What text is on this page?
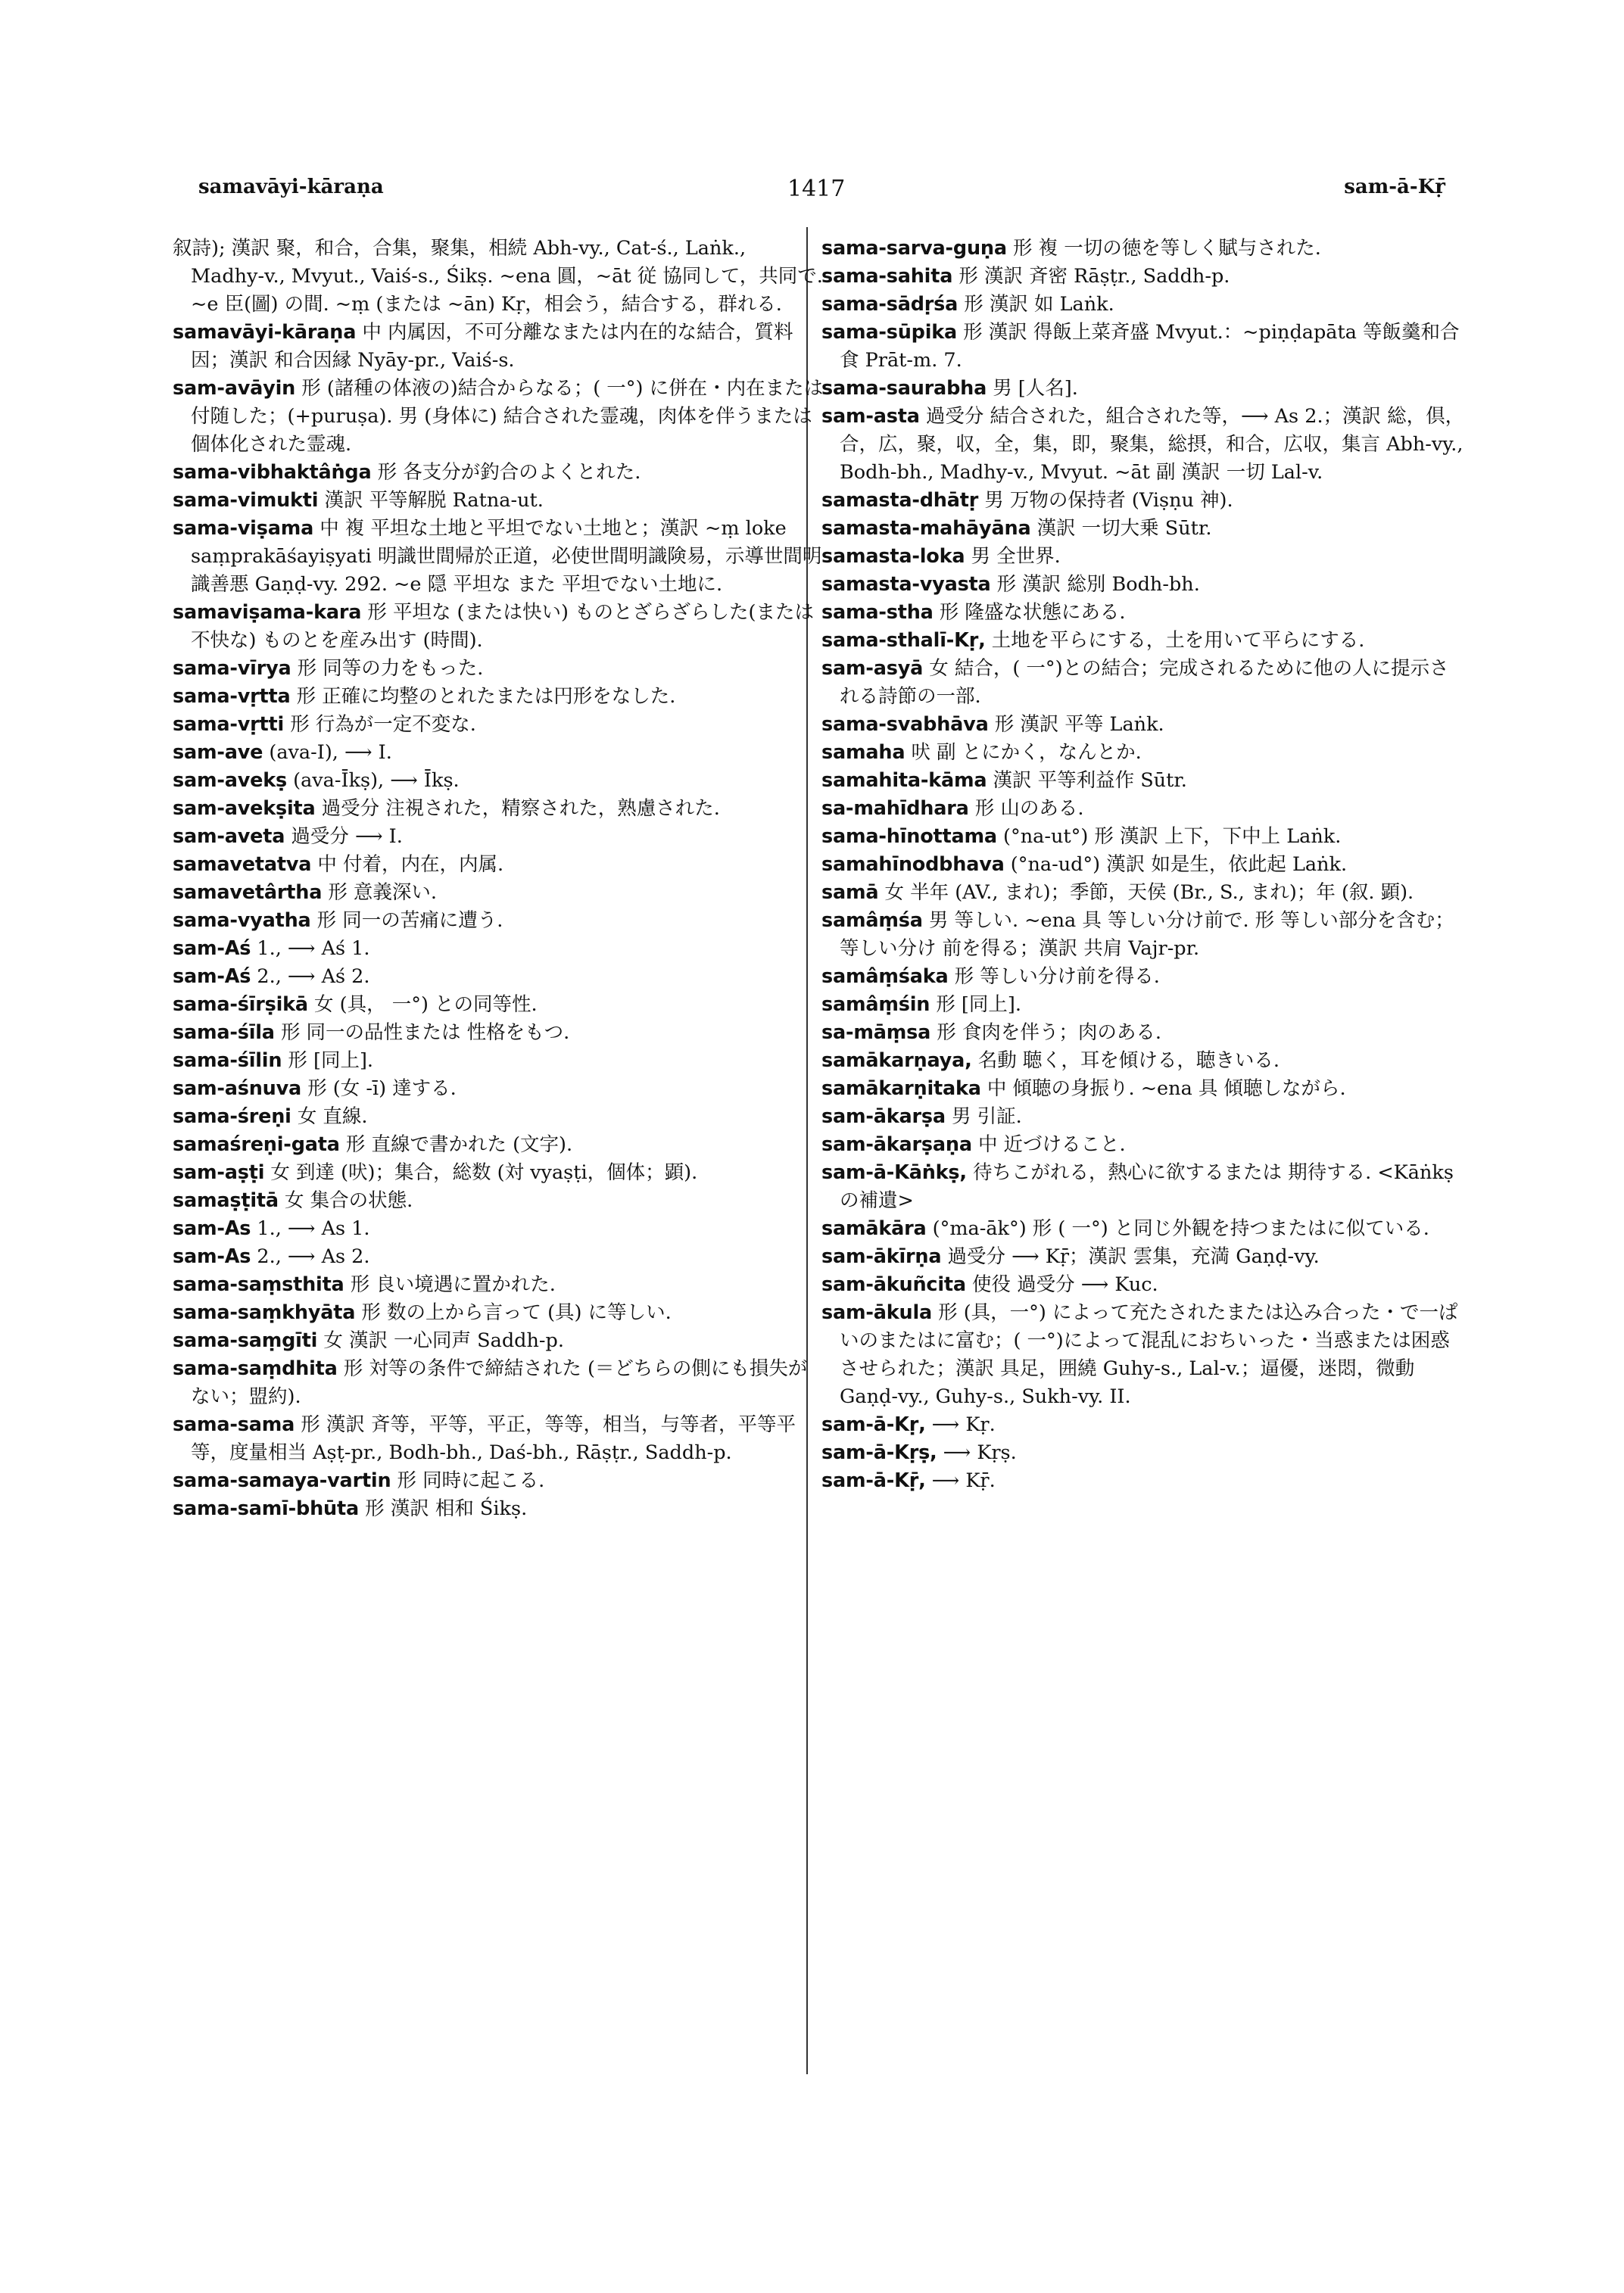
samavāyi-kāraṇa	1417	sam-ā-Kṝ
叙詩); 漢訳 聚，和合，合集，聚集，相続 Abh-vy., Cat-ś., Laṅk., Madhy-v., Mvyut., Vaiś-s., Śikṣ. ~ena 圓，~āt 従 協同して，共同で. ~e 臣(圖) の間. ~ṃ (または ~ān) Kṛ，相会う，結合する，群れる.
samavāyi-kāraṇa 中 内属因，不可分離なまたは内在的な結合，質料因；漢訳 和合因縁 Nyāy-pr., Vaiś-s.
sam-avāyin 形 (諸種の体液の)結合からなる；( 一°) に併在・内在または付随した；(+puruṣa). 男 (身体に) 結合された霊魂，肉体を伴うまたは個体化された霊魂.
sama-vibhaktâṅga 形 各支分が釣合のよくとれた.
sama-vimukti 漢訳 平等解脱 Ratna-ut.
sama-viṣama 中 複 平坦な土地と平坦でない土地と；漢訳 ~ṃ loke saṃprakāśayiṣyati 明識世間帰於正道，必使世間明識険易，示導世間明識善悪 Gaṇḍ-vy. 292. ~e 隠 平坦な また 平坦でない土地に.
samaviṣama-kara 形 平坦な (または快い) ものとざらざらした(または不快な) ものとを産み出す (時間).
sama-vīrya 形 同等の力をもった.
sama-vṛtta 形 正確に均整のとれたまたは円形をなした.
sama-vṛtti 形 行為が一定不変な.
sam-ave (ava-I), ⟶ I.
sam-avekṣ (ava-Īkṣ), ⟶ Īkṣ.
sam-avekṣita 過受分 注視された，精察された，熟慮された.
sam-aveta 過受分 ⟶ I.
samavetatva 中 付着，内在，内属.
samavetârtha 形 意義深い.
sama-vyatha 形 同一の苦痛に遭う.
sam-Aś 1., ⟶ Aś 1.
sam-Aś 2., ⟶ Aś 2.
sama-śīrṣikā 女 (具， 一°) との同等性.
sama-śīla 形 同一の品性または 性格をもつ.
sama-śīlin 形 [同上].
sam-aśnuva 形 (女 -ī) 達する.
sama-śreṇi 女 直線.
samaśreṇi-gata 形 直線で書かれた (文字).
sam-aṣṭi 女 到達 (吠)；集合，総数 (対 vyaṣṭi，個体；顕).
samaṣṭitā 女 集合の状態.
sam-As 1., ⟶ As 1.
sam-As 2., ⟶ As 2.
sama-saṃsthita 形 良い境遇に置かれた.
sama-saṃkhyāta 形 数の上から言って (具) に等しい.
sama-saṃgīti 女 漢訳 一心同声 Saddh-p.
sama-saṃdhita 形 対等の条件で締結された (＝どちらの側にも損失がない；盟約).
sama-sama 形 漢訳 斉等，平等，平正，等等，相当，与等者，平等平等，度量相当 Aṣṭ-pr., Bodh-bh., Daś-bh., Rāṣṭr., Saddh-p.
sama-samaya-vartin 形 同時に起こる.
sama-samī-bhūta 形 漢訳 相和 Śikṣ.
sama-sarva-guṇa 形 複 一切の徳を等しく賦与された.
sama-sahita 形 漢訳 斉密 Rāṣṭr., Saddh-p.
sama-sādṛśa 形 漢訳 如 Laṅk.
sama-sūpika 形 漢訳 得飯上菜斉盛 Mvyut.：~piṇḍapāta 等飯羹和合食 Prāt-m. 7.
sama-saurabha 男 [人名].
sam-asta 過受分 結合された，組合された等，⟶ As 2.；漢訳 総，倶，合，広，聚，収，全，集，即，聚集，総摂，和合，広収，集言 Abh-vy., Bodh-bh., Madhy-v., Mvyut. ~āt 副 漢訳 一切 Lal-v.
samasta-dhātṛ 男 万物の保持者 (Viṣṇu 神).
samasta-mahāyāna 漢訳 一切大乗 Sūtr.
samasta-loka 男 全世界.
samasta-vyasta 形 漢訳 総別 Bodh-bh.
sama-stha 形 隆盛な状態にある.
sama-sthalī-Kṛ, 土地を平らにする，土を用いて平らにする.
sam-asyā 女 結合，( 一°)との結合；完成されるために他の人に提示される詩節の一部.
sama-svabhāva 形 漢訳 平等 Laṅk.
samaha 吠 副 とにかく，なんとか.
samahita-kāma 漢訳 平等利益作 Sūtr.
sa-mahīdhara 形 山のある.
sama-hīnottama (°na-ut°) 形 漢訳 上下，下中上 Laṅk.
samahīnodbhava (°na-ud°) 漢訳 如是生，依此起 Laṅk.
samā 女 半年 (AV., まれ)；季節，天侯 (Br., S., まれ)；年 (叙. 顕).
samâṃśa 男 等しい. ~ena 具 等しい分け前で. 形 等しい部分を含む；等しい分け 前を得る；漢訳 共肩 Vajr-pr.
samâṃśaka 形 等しい分け前を得る.
samâṃśin 形 [同上].
sa-māṃsa 形 食肉を伴う；肉のある.
samākarṇaya, 名動 聴く，耳を傾ける，聴きいる.
samākarṇitaka 中 傾聴の身振り. ~ena 具 傾聴しながら.
sam-ākarṣa 男 引証.
sam-ākarṣaṇa 中 近づけること.
sam-ā-Kāṅkṣ, 待ちこがれる，熱心に欲するまたは 期待する. <Kāṅkṣ の補遺>
samākāra (°ma-āk°) 形 ( 一°) と同じ外観を持つまたはに似ている.
sam-ākīrṇa 過受分 ⟶ Kṝ；漢訳 雲集，充満 Gaṇḍ-vy.
sam-ākuñcita 使役 過受分 ⟶ Kuc.
sam-ākula 形 (具，一°) によって充たされたまたは込み合った・で一ぱいのまたはに富む；( 一°)によって混乱におちいった・当惑または困惑させられた；漢訳 具足，囲繞 Guhy-s., Lal-v.；逼優，迷悶，微動 Gaṇḍ-vy., Guhy-s., Sukh-vy. II.
sam-ā-Kṛ, ⟶ Kṛ.
sam-ā-Kṛṣ, ⟶ Kṛṣ.
sam-ā-Kṝ, ⟶ Kṝ.
